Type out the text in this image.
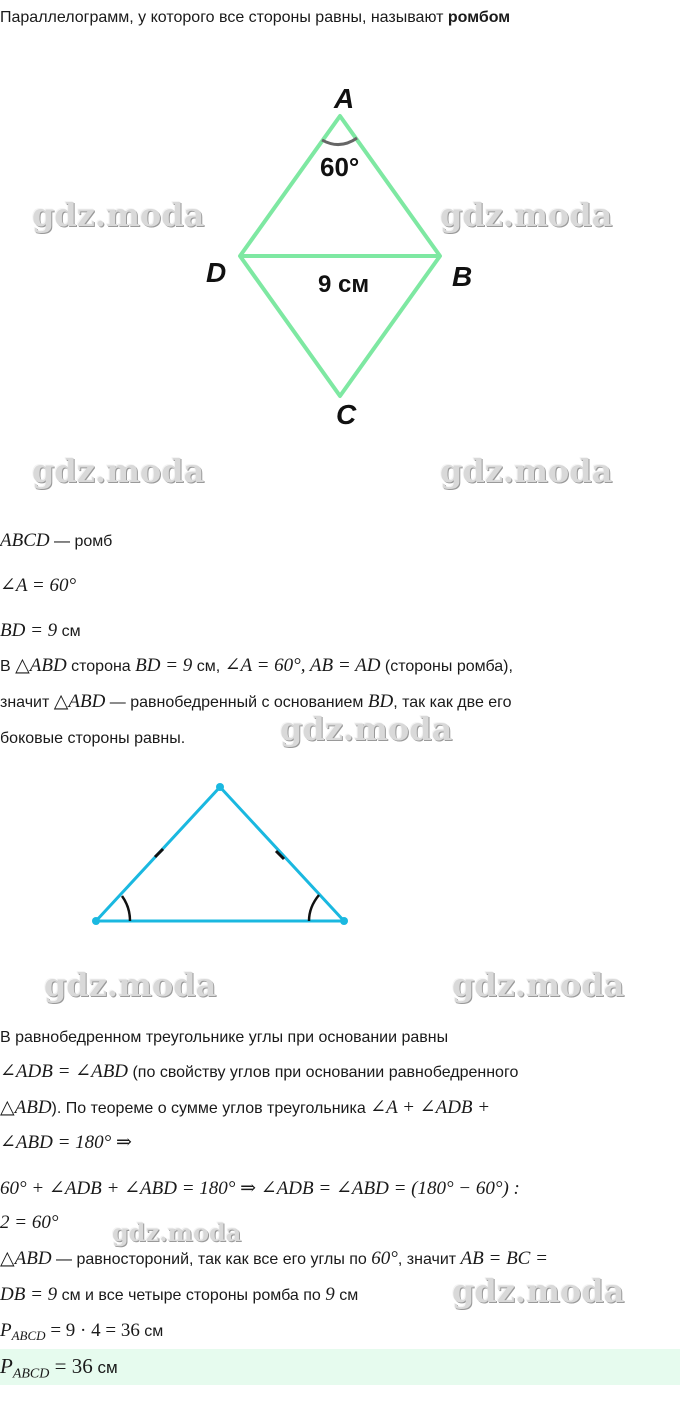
Параллелограмм, у которого все стороны равны, называют ромбом
A
B
C
D
60°
9 см
gdz.moda	gdz.moda
gdz.moda	gdz.moda
gdz.moda
gdz.moda	gdz.moda
gdz.moda
gdz.moda
ABCD — ромб
∠A = 60°
BD = 9 см
В △ABD сторона BD = 9 см, ∠A = 60°, AB = AD (стороны ромба),
значит △ABD — равнобедренный с основанием BD, так как две его
боковые стороны равны.
В равнобедренном треугольнике углы при основании равны
∠ADB = ∠ABD (по свойству углов при основании равнобедренного
△ABD). По теореме о сумме углов треугольника ∠A + ∠ADB +
∠ABD = 180° ⇒
60° + ∠ADB + ∠ABD = 180° ⇒ ∠ADB = ∠ABD = (180° − 60°) :
2 = 60°
△ABD — равностороний, так как все его углы по 60°, значит AB = BC =
DB = 9 см и все четыре стороны ромба по 9 см
$P_{ABCD} = 9 \cdot 4 = 36$ см
$P_{ABCD} = 36$ см
